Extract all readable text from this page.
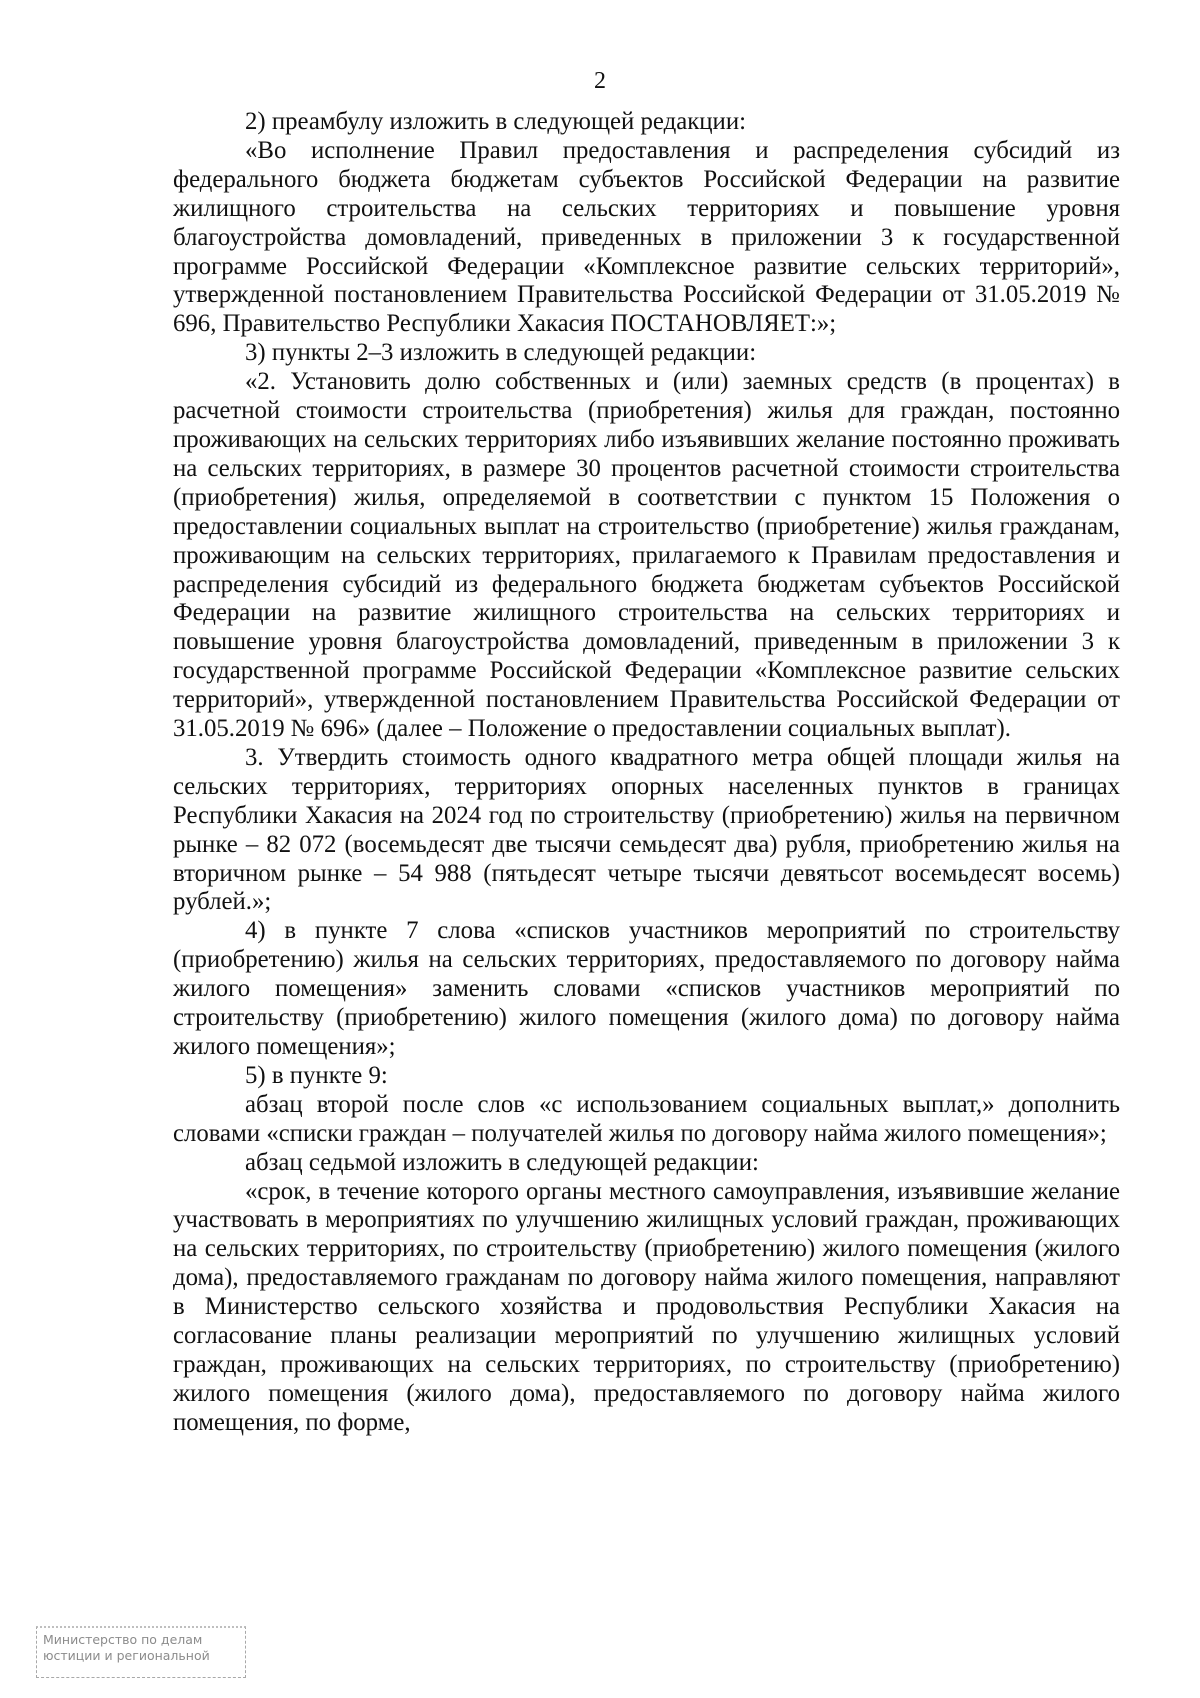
2

2) преамбулу изложить в следующей редакции:

«Во исполнение Правил предоставления и распределения субсидий из федерального бюджета бюджетам субъектов Российской Федерации на развитие жилищного строительства на сельских территориях и повышение уровня благоустройства домовладений, приведенных в приложении 3 к государственной программе Российской Федерации «Комплексное развитие сельских территорий», утвержденной постановлением Правительства Российской Федерации от 31.05.2019 № 696, Правительство Республики Хакасия ПОСТАНОВЛЯЕТ:»;

3) пункты 2–3 изложить в следующей редакции:

«2. Установить долю собственных и (или) заемных средств (в процентах) в расчетной стоимости строительства (приобретения) жилья для граждан, постоянно проживающих на сельских территориях либо изъявивших желание постоянно проживать на сельских территориях, в размере 30 процентов расчетной стоимости строительства (приобретения) жилья, определяемой в соответствии с пунктом 15 Положения о предоставлении социальных выплат на строительство (приобретение) жилья гражданам, проживающим на сельских территориях, прилагаемого к Правилам предоставления и распределения субсидий из федерального бюджета бюджетам субъектов Российской Федерации на развитие жилищного строительства на сельских территориях и повышение уровня благоустройства домовладений, приведенным в приложении 3 к государственной программе Российской Федерации «Комплексное развитие сельских территорий», утвержденной постановлением Правительства Российской Федерации от 31.05.2019 № 696» (далее – Положение о предоставлении социальных выплат).

3. Утвердить стоимость одного квадратного метра общей площади жилья на сельских территориях, территориях опорных населенных пунктов в границах Республики Хакасия на 2024 год по строительству (приобретению) жилья на первичном рынке – 82 072 (восемьдесят две тысячи семьдесят два) рубля, приобретению жилья на вторичном рынке – 54 988 (пятьдесят четыре тысячи девятьсот восемьдесят восемь) рублей.»;

4) в пункте 7 слова «списков участников мероприятий по строительству (приобретению) жилья на сельских территориях, предоставляемого по договору найма жилого помещения» заменить словами «списков участников мероприятий по строительству (приобретению) жилого помещения (жилого дома) по договору найма жилого помещения»;

5) в пункте 9:

абзац второй после слов «с использованием социальных выплат,» дополнить словами «списки граждан – получателей жилья по договору найма жилого помещения»;

абзац седьмой изложить в следующей редакции:

«срок, в течение которого органы местного самоуправления, изъявившие желание участвовать в мероприятиях по улучшению жилищных условий граждан, проживающих на сельских территориях, по строительству (приобретению) жилого помещения (жилого дома), предоставляемого гражданам по договору найма жилого помещения, направляют в Министерство сельского хозяйства и продовольствия Республики Хакасия на согласование планы реализации мероприятий по улучшению жилищных условий граждан, проживающих на сельских территориях, по строительству (приобретению) жилого помещения (жилого дома), предоставляемого по договору найма жилого помещения, по форме,

Министерство по делам
юстиции и региональной
